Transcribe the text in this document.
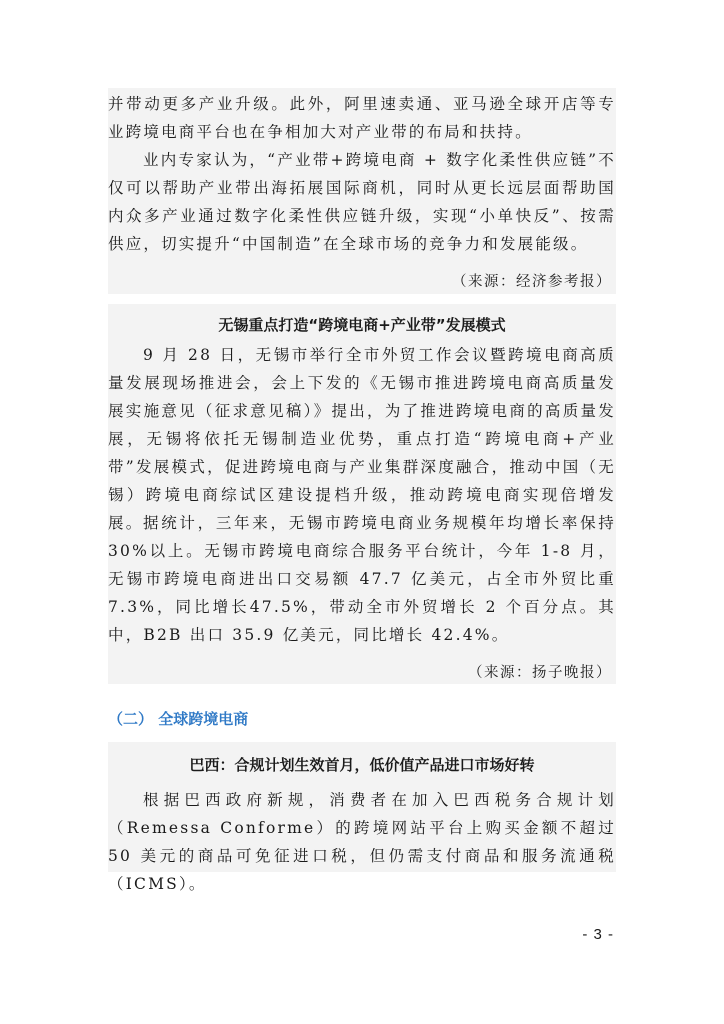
并带动更多产业升级。此外，阿里速卖通、亚马逊全球开店等专业跨境电商平台也在争相加大对产业带的布局和扶持。

业内专家认为，“产业带+跨境电商 + 数字化柔性供应链”不仅可以帮助产业带出海拓展国际商机，同时从更长远层面帮助国内众多产业通过数字化柔性供应链升级，实现“小单快反”、按需供应，切实提升“中国制造”在全球市场的竞争力和发展能级。

（来源：经济参考报）

无锡重点打造“跨境电商+产业带”发展模式

9 月 28 日，无锡市举行全市外贸工作会议暨跨境电商高质量发展现场推进会，会上下发的《无锡市推进跨境电商高质量发展实施意见（征求意见稿）》提出，为了推进跨境电商的高质量发展，无锡将依托无锡制造业优势，重点打造“跨境电商+产业带”发展模式，促进跨境电商与产业集群深度融合，推动中国（无锡）跨境电商综试区建设提档升级，推动跨境电商实现倍增发展。 据统计，三年来，无锡市跨境电商业务规模年均增长率保持 30%以上。无锡市跨境电商综合服务平台统计，今年 1-8 月，无锡市跨境电商进出口交易额 47.7 亿美元，占全市外贸比重 7.3%，同比增长47.5%，带动全市外贸增长 2 个百分点。其中，B2B 出口 35.9 亿美元，同比增长 42.4%。

（来源：扬子晚报）

（二） 全球跨境电商

巴西：合规计划生效首月，低价值产品进口市场好转

根据巴西政府新规，消费者在加入巴西税务合规计划（Remessa Conforme）的跨境网站平台上购买金额不超过 50 美元的商品可免征进口税，但仍需支付商品和服务流通税（ICMS）。

- 3 -
